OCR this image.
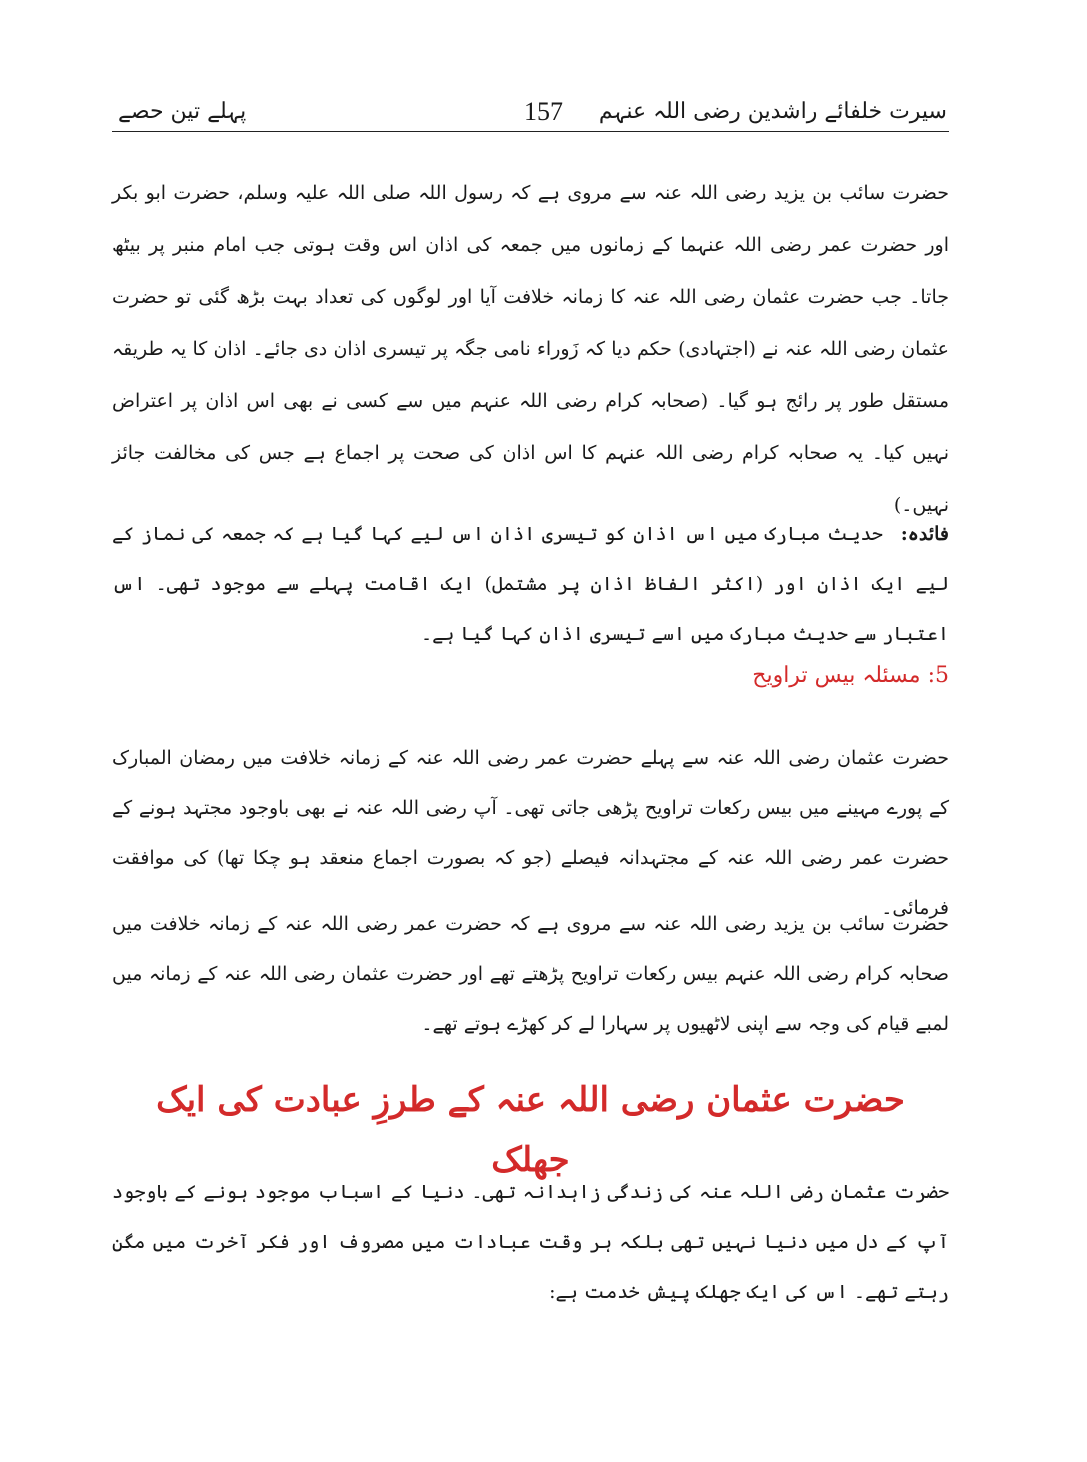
سیرت خلفائے راشدین رضی اللہ عنہم
157
پہلے تین حصے

حضرت سائب بن یزید رضی اللہ عنہ سے مروی ہے کہ رسول اللہ صلی اللہ علیہ وسلم، حضرت ابو بکر اور حضرت عمر رضی اللہ عنہما کے زمانوں میں جمعہ کی اذان اس وقت ہوتی جب امام منبر پر بیٹھ جاتا۔ جب حضرت عثمان رضی اللہ عنہ کا زمانہ خلافت آیا اور لوگوں کی تعداد بہت بڑھ گئی تو حضرت عثمان رضی اللہ عنہ نے (اجتہادی) حکم دیا کہ زَوراء نامی جگہ پر تیسری اذان دی جائے۔ اذان کا یہ طریقہ مستقل طور پر رائج ہو گیا۔ (صحابہ کرام رضی اللہ عنہم میں سے کسی نے بھی اس اذان پر اعتراض نہیں کیا۔ یہ صحابہ کرام رضی اللہ عنہم کا اس اذان کی صحت پر اجماع ہے جس کی مخالفت جائز نہیں۔)

فائدہ:حدیث مبارک میں اس اذان کو تیسری اذان اس لیے کہا گیا ہے کہ جمعہ کی نماز کے لیے ایک اذان اور (اکثر الفاظ اذان پر مشتمل) ایک اقامت پہلے سے موجود تھی۔ اس اعتبار سے حدیث مبارک میں اسے تیسری اذان کہا گیا ہے۔

5: مسئلہ بیس تراویح

حضرت عثمان رضی اللہ عنہ سے پہلے حضرت عمر رضی اللہ عنہ کے زمانہ خلافت میں رمضان المبارک کے پورے مہینے میں بیس رکعات تراویح پڑھی جاتی تھی۔ آپ رضی اللہ عنہ نے بھی باوجود مجتہد ہونے کے حضرت عمر رضی اللہ عنہ کے مجتہدانہ فیصلے (جو کہ بصورت اجماع منعقد ہو چکا تھا) کی موافقت فرمائی۔

حضرت سائب بن یزید رضی اللہ عنہ سے مروی ہے کہ حضرت عمر رضی اللہ عنہ کے زمانہ خلافت میں صحابہ کرام رضی اللہ عنہم بیس رکعات تراویح پڑھتے تھے اور حضرت عثمان رضی اللہ عنہ کے زمانہ میں لمبے قیام کی وجہ سے اپنی لاٹھیوں پر سہارا لے کر کھڑے ہوتے تھے۔

حضرت عثمان رضی اللہ عنہ کے طرزِ عبادت کی ایک جھلک

حضرت عثمان رضی اللہ عنہ کی زندگی زاہدانہ تھی۔ دنیا کے اسباب موجود ہونے کے باوجود آپ کے دل میں دنیا نہیں تھی بلکہ ہر وقت عبادات میں مصروف اور فکر آخرت میں مگن رہتے تھے۔ اس کی ایک جھلک پیش خدمت ہے:
